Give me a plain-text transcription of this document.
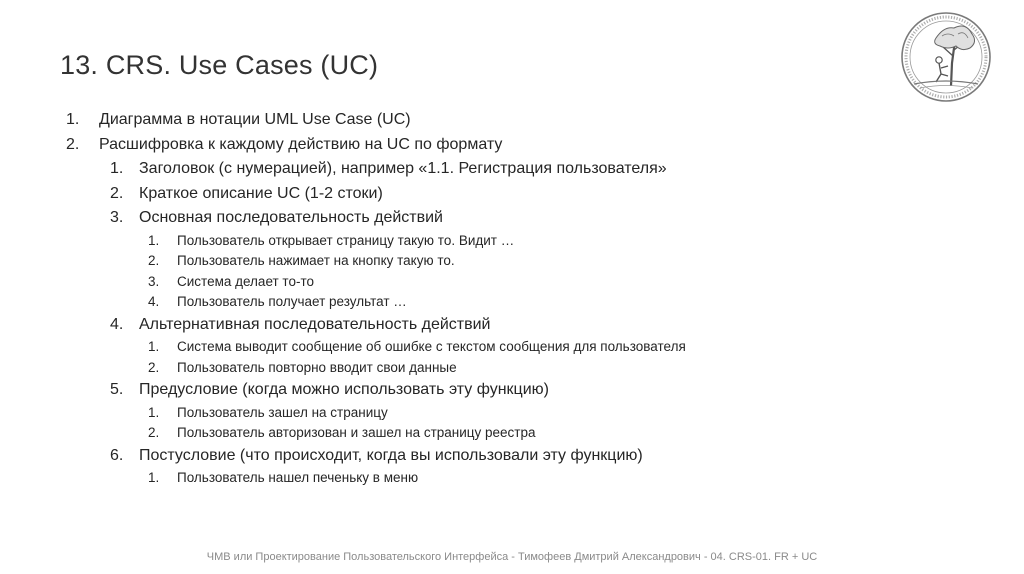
13. CRS. Use Cases (UC)
1. Диаграмма в нотации UML Use Case (UC)
2. Расшифровка к каждому действию на UC по формату
1. Заголовок (с нумерацией), например «1.1. Регистрация пользователя»
2. Краткое описание UC (1-2 стоки)
3. Основная последовательность действий
1. Пользователь открывает страницу такую то. Видит …
2. Пользователь нажимает на кнопку такую то.
3. Система делает то-то
4. Пользователь получает результат …
4. Альтернативная последовательность действий
1. Система выводит сообщение об ошибке с текстом сообщения для пользователя
2. Пользователь повторно вводит свои данные
5. Предусловие (когда можно использовать эту функцию)
1. Пользователь зашел на страницу
2. Пользователь авторизован и зашел на страницу реестра
6. Постусловие (что происходит, когда вы использовали эту функцию)
1. Пользователь нашел печеньку в меню
ЧМВ или Проектирование Пользовательского Интерфейса - Тимофеев Дмитрий Александрович - 04. CRS-01. FR + UC
